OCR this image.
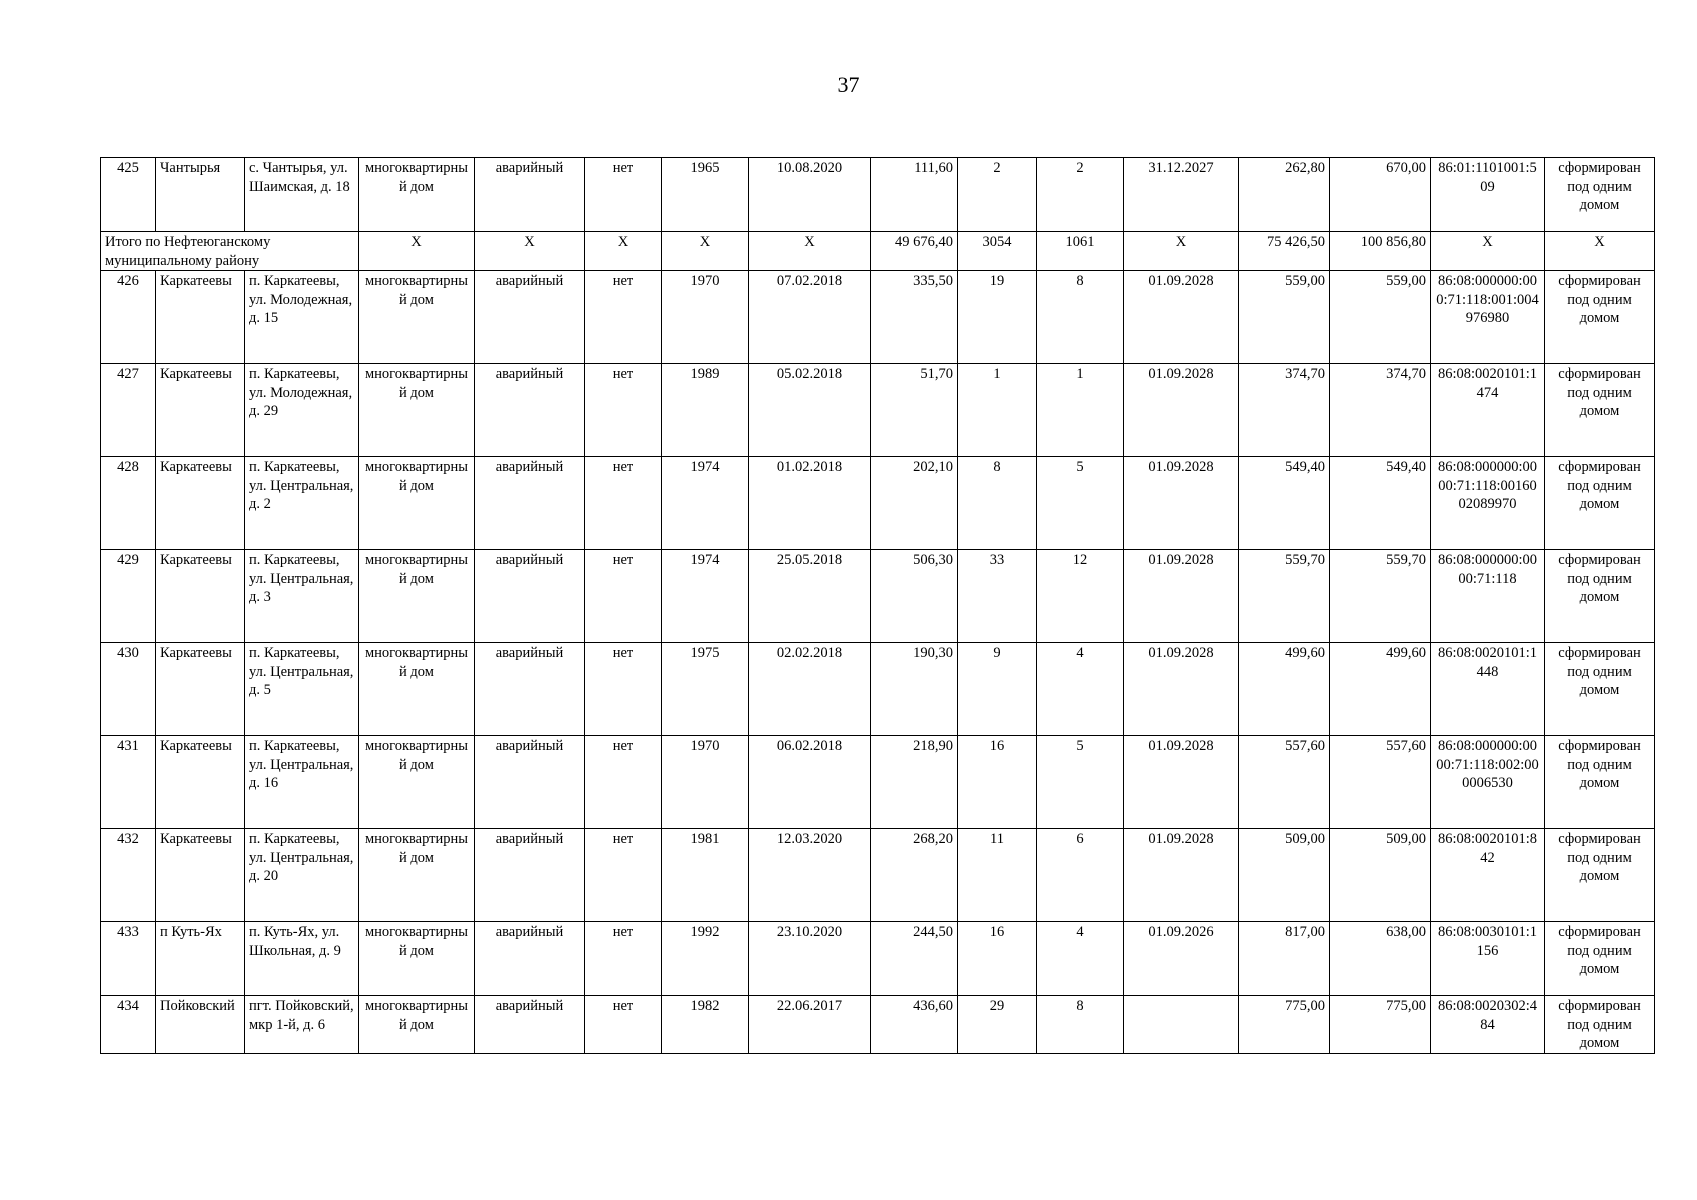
37
425	Чантырья	с. Чантырья, ул. Шаимская, д. 18	многоквартирный дом	аварийный	нет	1965	10.08.2020	111,60	2	2	31.12.2027	262,80	670,00	86:01:1101001:509	сформирован под одним домом
Итого по Нефтеюганскому муниципальному району			X	X	X	X	X	49 676,40	3054	1061	X	75 426,50	100 856,80	X	X
426	Каркатеевы	п. Каркатеевы, ул. Молодежная, д. 15	многоквартирный дом	аварийный	нет	1970	07.02.2018	335,50	19	8	01.09.2028	559,00	559,00	86:08:000000:000:71:118:001:004976980	сформирован под одним домом
427	Каркатеевы	п. Каркатеевы, ул. Молодежная, д. 29	многоквартирный дом	аварийный	нет	1989	05.02.2018	51,70	1	1	01.09.2028	374,70	374,70	86:08:0020101:1474	сформирован под одним домом
428	Каркатеевы	п. Каркатеевы, ул. Центральная, д. 2	многоквартирный дом	аварийный	нет	1974	01.02.2018	202,10	8	5	01.09.2028	549,40	549,40	86:08:000000:0000:71:118:0016002089970	сформирован под одним домом
429	Каркатеевы	п. Каркатеевы, ул. Центральная, д. 3	многоквартирный дом	аварийный	нет	1974	25.05.2018	506,30	33	12	01.09.2028	559,70	559,70	86:08:000000:0000:71:118	сформирован под одним домом
430	Каркатеевы	п. Каркатеевы, ул. Центральная, д. 5	многоквартирный дом	аварийный	нет	1975	02.02.2018	190,30	9	4	01.09.2028	499,60	499,60	86:08:0020101:1448	сформирован под одним домом
431	Каркатеевы	п. Каркатеевы, ул. Центральная, д. 16	многоквартирный дом	аварийный	нет	1970	06.02.2018	218,90	16	5	01.09.2028	557,60	557,60	86:08:000000:0000:71:118:002:000006530	сформирован под одним домом
432	Каркатеевы	п. Каркатеевы, ул. Центральная, д. 20	многоквартирный дом	аварийный	нет	1981	12.03.2020	268,20	11	6	01.09.2028	509,00	509,00	86:08:0020101:842	сформирован под одним домом
433	п Куть-Ях	п. Куть-Ях, ул. Школьная, д. 9	многоквартирный дом	аварийный	нет	1992	23.10.2020	244,50	16	4	01.09.2026	817,00	638,00	86:08:0030101:1156	сформирован под одним домом
434	Пойковский	пгт. Пойковский, мкр 1-й, д. 6	многоквартирный дом	аварийный	нет	1982	22.06.2017	436,60	29	8		775,00	775,00	86:08:0020302:484	сформирован под одним домом
